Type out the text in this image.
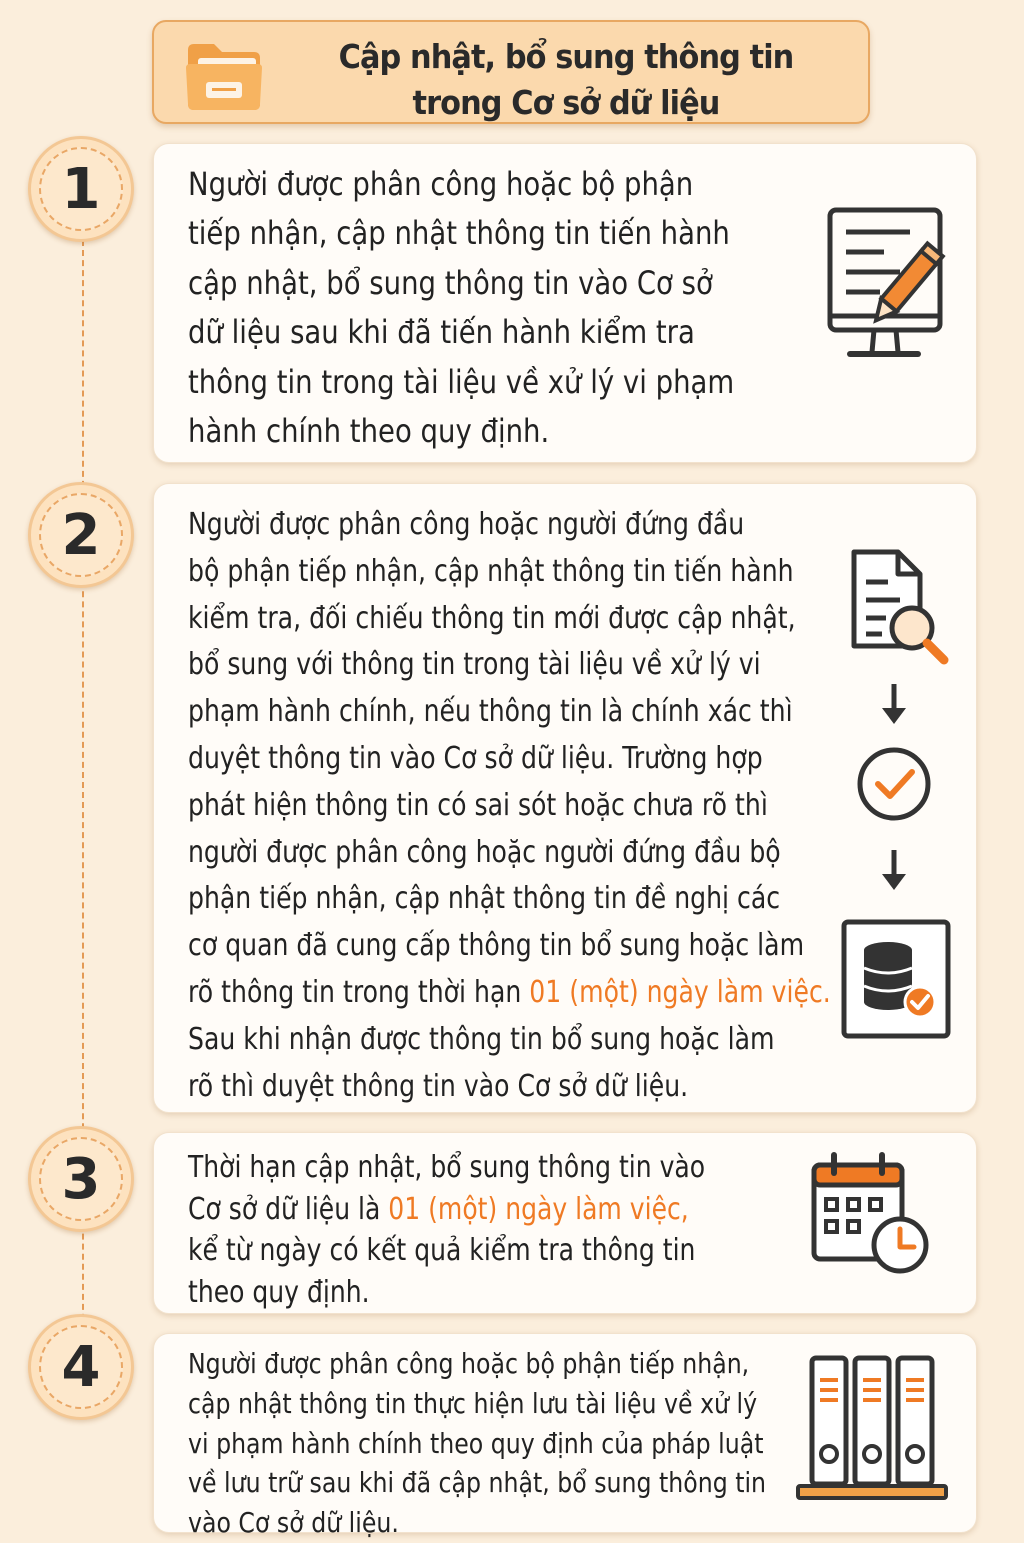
Cập nhật, bổ sung thông tin
trong Cơ sở dữ liệu
1
2
3
4
Người được phân công hoặc bộ phận
tiếp nhận, cập nhật thông tin tiến hành
cập nhật, bổ sung thông tin vào Cơ sở
dữ liệu sau khi đã tiến hành kiểm tra
thông tin trong tài liệu về xử lý vi phạm
hành chính theo quy định.
Người được phân công hoặc người đứng đầu
bộ phận tiếp nhận, cập nhật thông tin tiến hành
kiểm tra, đối chiếu thông tin mới được cập nhật,
bổ sung với thông tin trong tài liệu về xử lý vi
phạm hành chính, nếu thông tin là chính xác thì
duyệt thông tin vào Cơ sở dữ liệu. Trường hợp
phát hiện thông tin có sai sót hoặc chưa rõ thì
người được phân công hoặc người đứng đầu bộ
phận tiếp nhận, cập nhật thông tin đề nghị các
cơ quan đã cung cấp thông tin bổ sung hoặc làm
rõ thông tin trong thời hạn 01 (một) ngày làm việc.
Sau khi nhận được thông tin bổ sung hoặc làm
rõ thì duyệt thông tin vào Cơ sở dữ liệu.
Thời hạn cập nhật, bổ sung thông tin vào
Cơ sở dữ liệu là 01 (một) ngày làm việc,
kể từ ngày có kết quả kiểm tra thông tin
theo quy định.
Người được phân công hoặc bộ phận tiếp nhận,
cập nhật thông tin thực hiện lưu tài liệu về xử lý
vi phạm hành chính theo quy định của pháp luật
về lưu trữ sau khi đã cập nhật, bổ sung thông tin
vào Cơ sở dữ liệu.
